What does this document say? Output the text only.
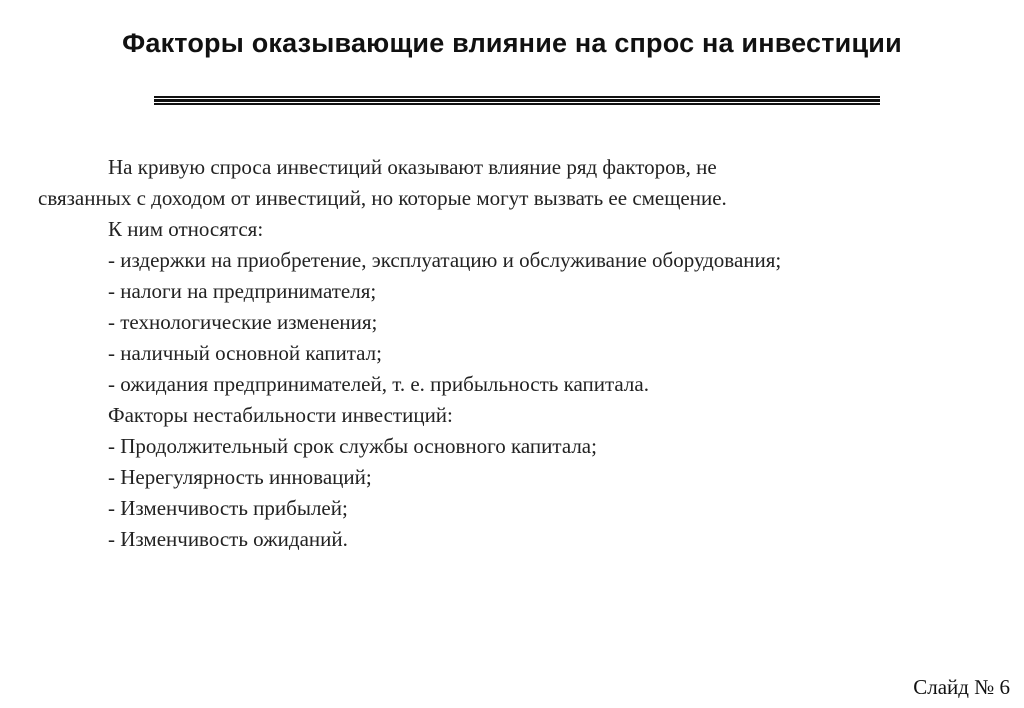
Факторы оказывающие влияние на спрос на инвестиции
На кривую спроса инвестиций оказывают влияние ряд факторов, не
связанных с доходом от инвестиций, но которые могут вызвать ее смещение.
К ним относятся:
- издержки на приобретение, эксплуатацию и обслуживание оборудования;
- налоги на предпринимателя;
- технологические изменения;
- наличный основной капитал;
- ожидания предпринимателей, т. е. прибыльность капитала.
Факторы нестабильности инвестиций:
- Продолжительный срок службы основного капитала;
- Нерегулярность инноваций;
- Изменчивость прибылей;
- Изменчивость ожиданий.
Слайд № 6
